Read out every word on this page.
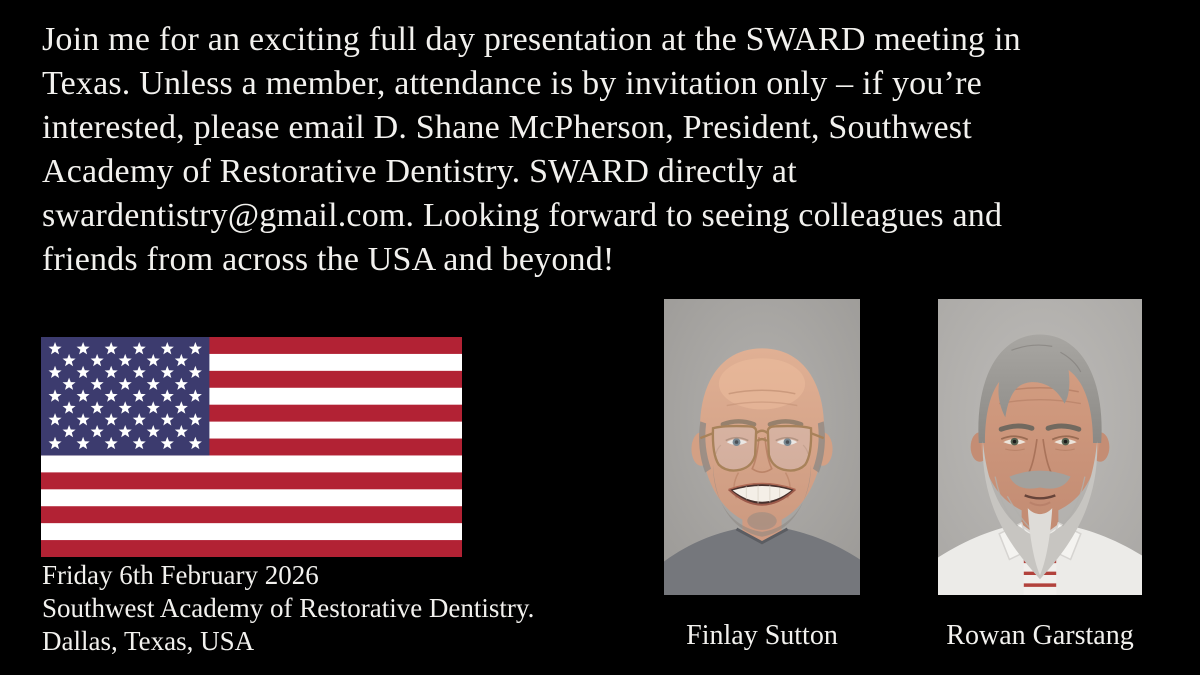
Join me for an exciting full day presentation at the SWARD meeting in
Texas. Unless a member, attendance is by invitation only – if you’re
interested, please email D. Shane McPherson, President, Southwest
Academy of Restorative Dentistry. SWARD directly at
swardentistry@gmail.com. Looking forward to seeing colleagues and
friends from across the USA and beyond!
Friday 6th February 2026
Southwest Academy of Restorative Dentistry.
Dallas, Texas, USA	Finlay Sutton	Rowan Garstang
